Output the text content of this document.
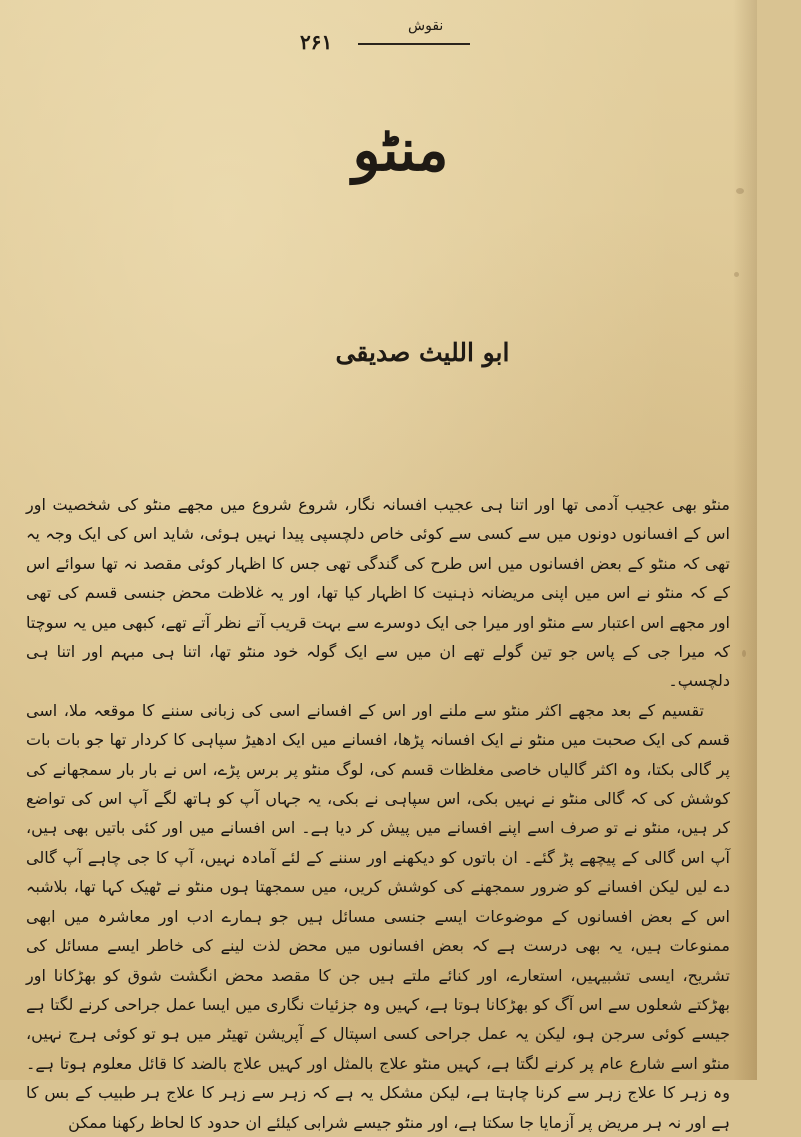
نقوش
۲۶۱
منٹو
ابو اللیث صدیقی

منٹو بھی عجیب آدمی تھا اور اتنا ہی عجیب افسانہ نگار، شروع شروع میں مجھے منٹو کی شخصیت اور اس کے افسانوں دونوں میں سے کسی سے کوئی خاص دلچسپی پیدا نہیں ہوئی، شاید اس کی ایک وجہ یہ تھی کہ منٹو کے بعض افسانوں میں اس طرح کی گندگی تھی جس کا اظہار کوئی مقصد نہ تھا سوائے اس کے کہ منٹو نے اس میں اپنی مریضانہ ذہنیت کا اظہار کیا تھا، اور یہ غلاظت محض جنسی قسم کی تھی اور مجھے اس اعتبار سے منٹو اور میرا جی ایک دوسرے سے بہت قریب آتے نظر آتے تھے، کبھی میں یہ سوچتا کہ میرا جی کے پاس جو تین گولے تھے ان میں سے ایک گولہ خود منٹو تھا، اتنا ہی مبہم اور اتنا ہی دلچسپ۔

تقسیم کے بعد مجھے اکثر منٹو سے ملنے اور اس کے افسانے اسی کی زبانی سننے کا موقعہ ملا، اسی قسم کی ایک صحبت میں منٹو نے ایک افسانہ پڑھا، افسانے میں ایک ادھیڑ سپاہی کا کردار تھا جو بات بات پر گالی بکتا، وہ اکثر گالیاں خاصی مغلظات قسم کی، لوگ منٹو پر برس پڑے، اس نے بار بار سمجھانے کی کوشش کی کہ گالی منٹو نے نہیں بکی، اس سپاہی نے بکی، یہ جہاں آپ کو ہاتھ لگے آپ اس کی تواضع کر ہیں، منٹو نے تو صرف اسے اپنے افسانے میں پیش کر دیا ہے۔ اس افسانے میں اور کئی باتیں بھی ہیں، آپ اس گالی کے پیچھے پڑ گئے۔ ان باتوں کو دیکھنے اور سننے کے لئے آمادہ نہیں، آپ کا جی چاہے آپ گالی دے لیں لیکن افسانے کو ضرور سمجھنے کی کوشش کریں، میں سمجھتا ہوں منٹو نے ٹھیک کہا تھا، بلاشبہ اس کے بعض افسانوں کے موضوعات ایسے جنسی مسائل ہیں جو ہمارے ادب اور معاشرہ میں ابھی ممنوعات ہیں، یہ بھی درست ہے کہ بعض افسانوں میں محض لذت لینے کی خاطر ایسے مسائل کی تشریح، ایسی تشبیہیں، استعارے، اور کنائے ملتے ہیں جن کا مقصد محض انگشت شوق کو بھڑکانا اور بھڑکتے شعلوں سے اس آگ کو بھڑکانا ہوتا ہے، کہیں وہ جزئیات نگاری میں ایسا عمل جراحی کرنے لگتا ہے جیسے کوئی سرجن ہو، لیکن یہ عمل جراحی کسی اسپتال کے آپریشن تھیٹر میں ہو تو کوئی ہرج نہیں، منٹو اسے شارع عام پر کرنے لگتا ہے، کہیں منٹو علاج بالمثل اور کہیں علاج بالضد کا قائل معلوم ہوتا ہے۔ وہ زہر کا علاج زہر سے کرنا چاہتا ہے، لیکن مشکل یہ ہے کہ زہر سے زہر کا علاج ہر طبیب کے بس کا ہے اور نہ ہر مریض پر آزمایا جا سکتا ہے، اور منٹو جیسے شرابی کیلئے ان حدود کا لحاظ رکھنا ممکن
